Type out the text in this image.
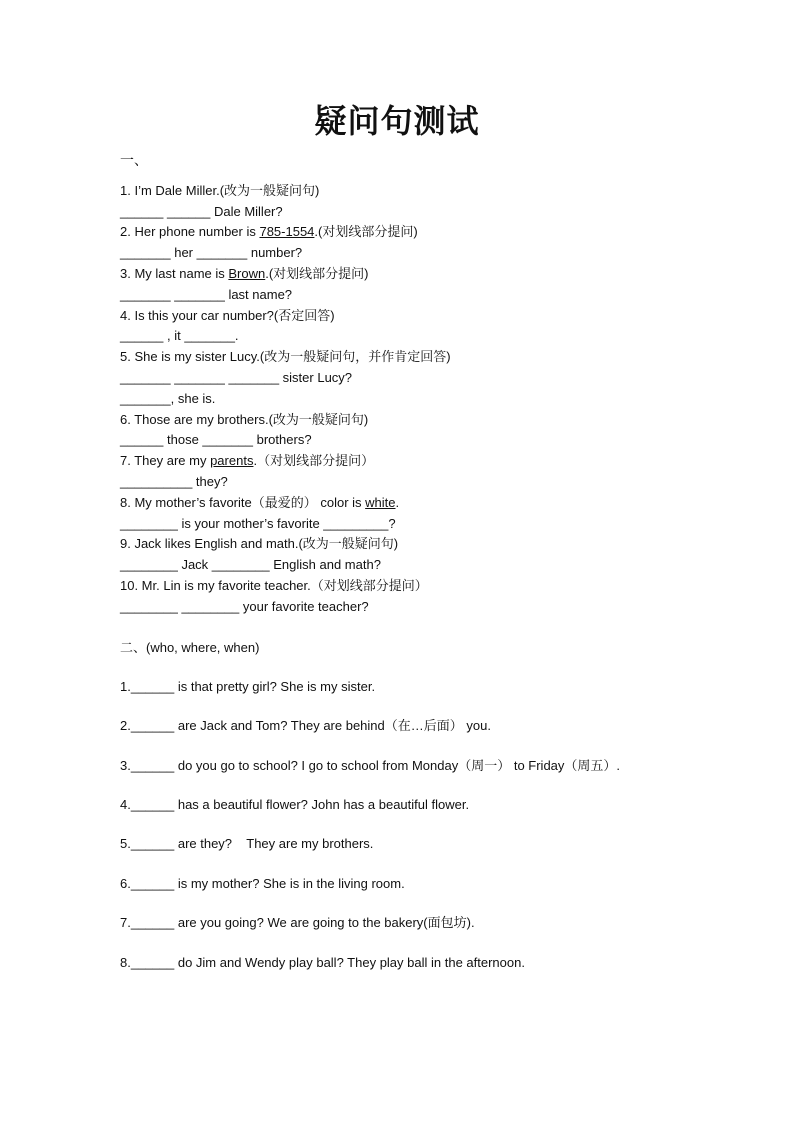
疑问句测试
一、

1. I’m Dale Miller.(改为一般疑问句)

______ ______ Dale Miller?

2. Her phone number is 785-1554.(对划线部分提问)

_______ her _______ number?

3. My last name is Brown.(对划线部分提问)

_______ _______ last name?

4. Is this your car number?(否定回答)

______ , it _______.

5. She is my sister Lucy.(改为一般疑问句，并作肯定回答)

_______ _______ _______ sister Lucy?

_______, she is.

6. Those are my brothers.(改为一般疑问句)

______ those _______ brothers?

7. They are my parents.（对划线部分提问）

__________ they?

8. My mother’s favorite（最爱的） color is white.

________ is your mother’s favorite _________?

9. Jack likes English and math.(改为一般疑问句)

________ Jack ________ English and math?

10. Mr. Lin is my favorite teacher.（对划线部分提问）

________ ________ your favorite teacher?

二、(who, where, when)

1.______ is that pretty girl? She is my sister.

2.______ are Jack and Tom? They are behind（在…后面） you.

3.______ do you go to school? I go to school from Monday（周一） to Friday（周五）.

4.______ has a beautiful flower? John has a beautiful flower.

5.______ are they?    They are my brothers.

6.______ is my mother? She is in the living room.

7.______ are you going? We are going to the bakery(面包坊).

8.______ do Jim and Wendy play ball? They play ball in the afternoon.
